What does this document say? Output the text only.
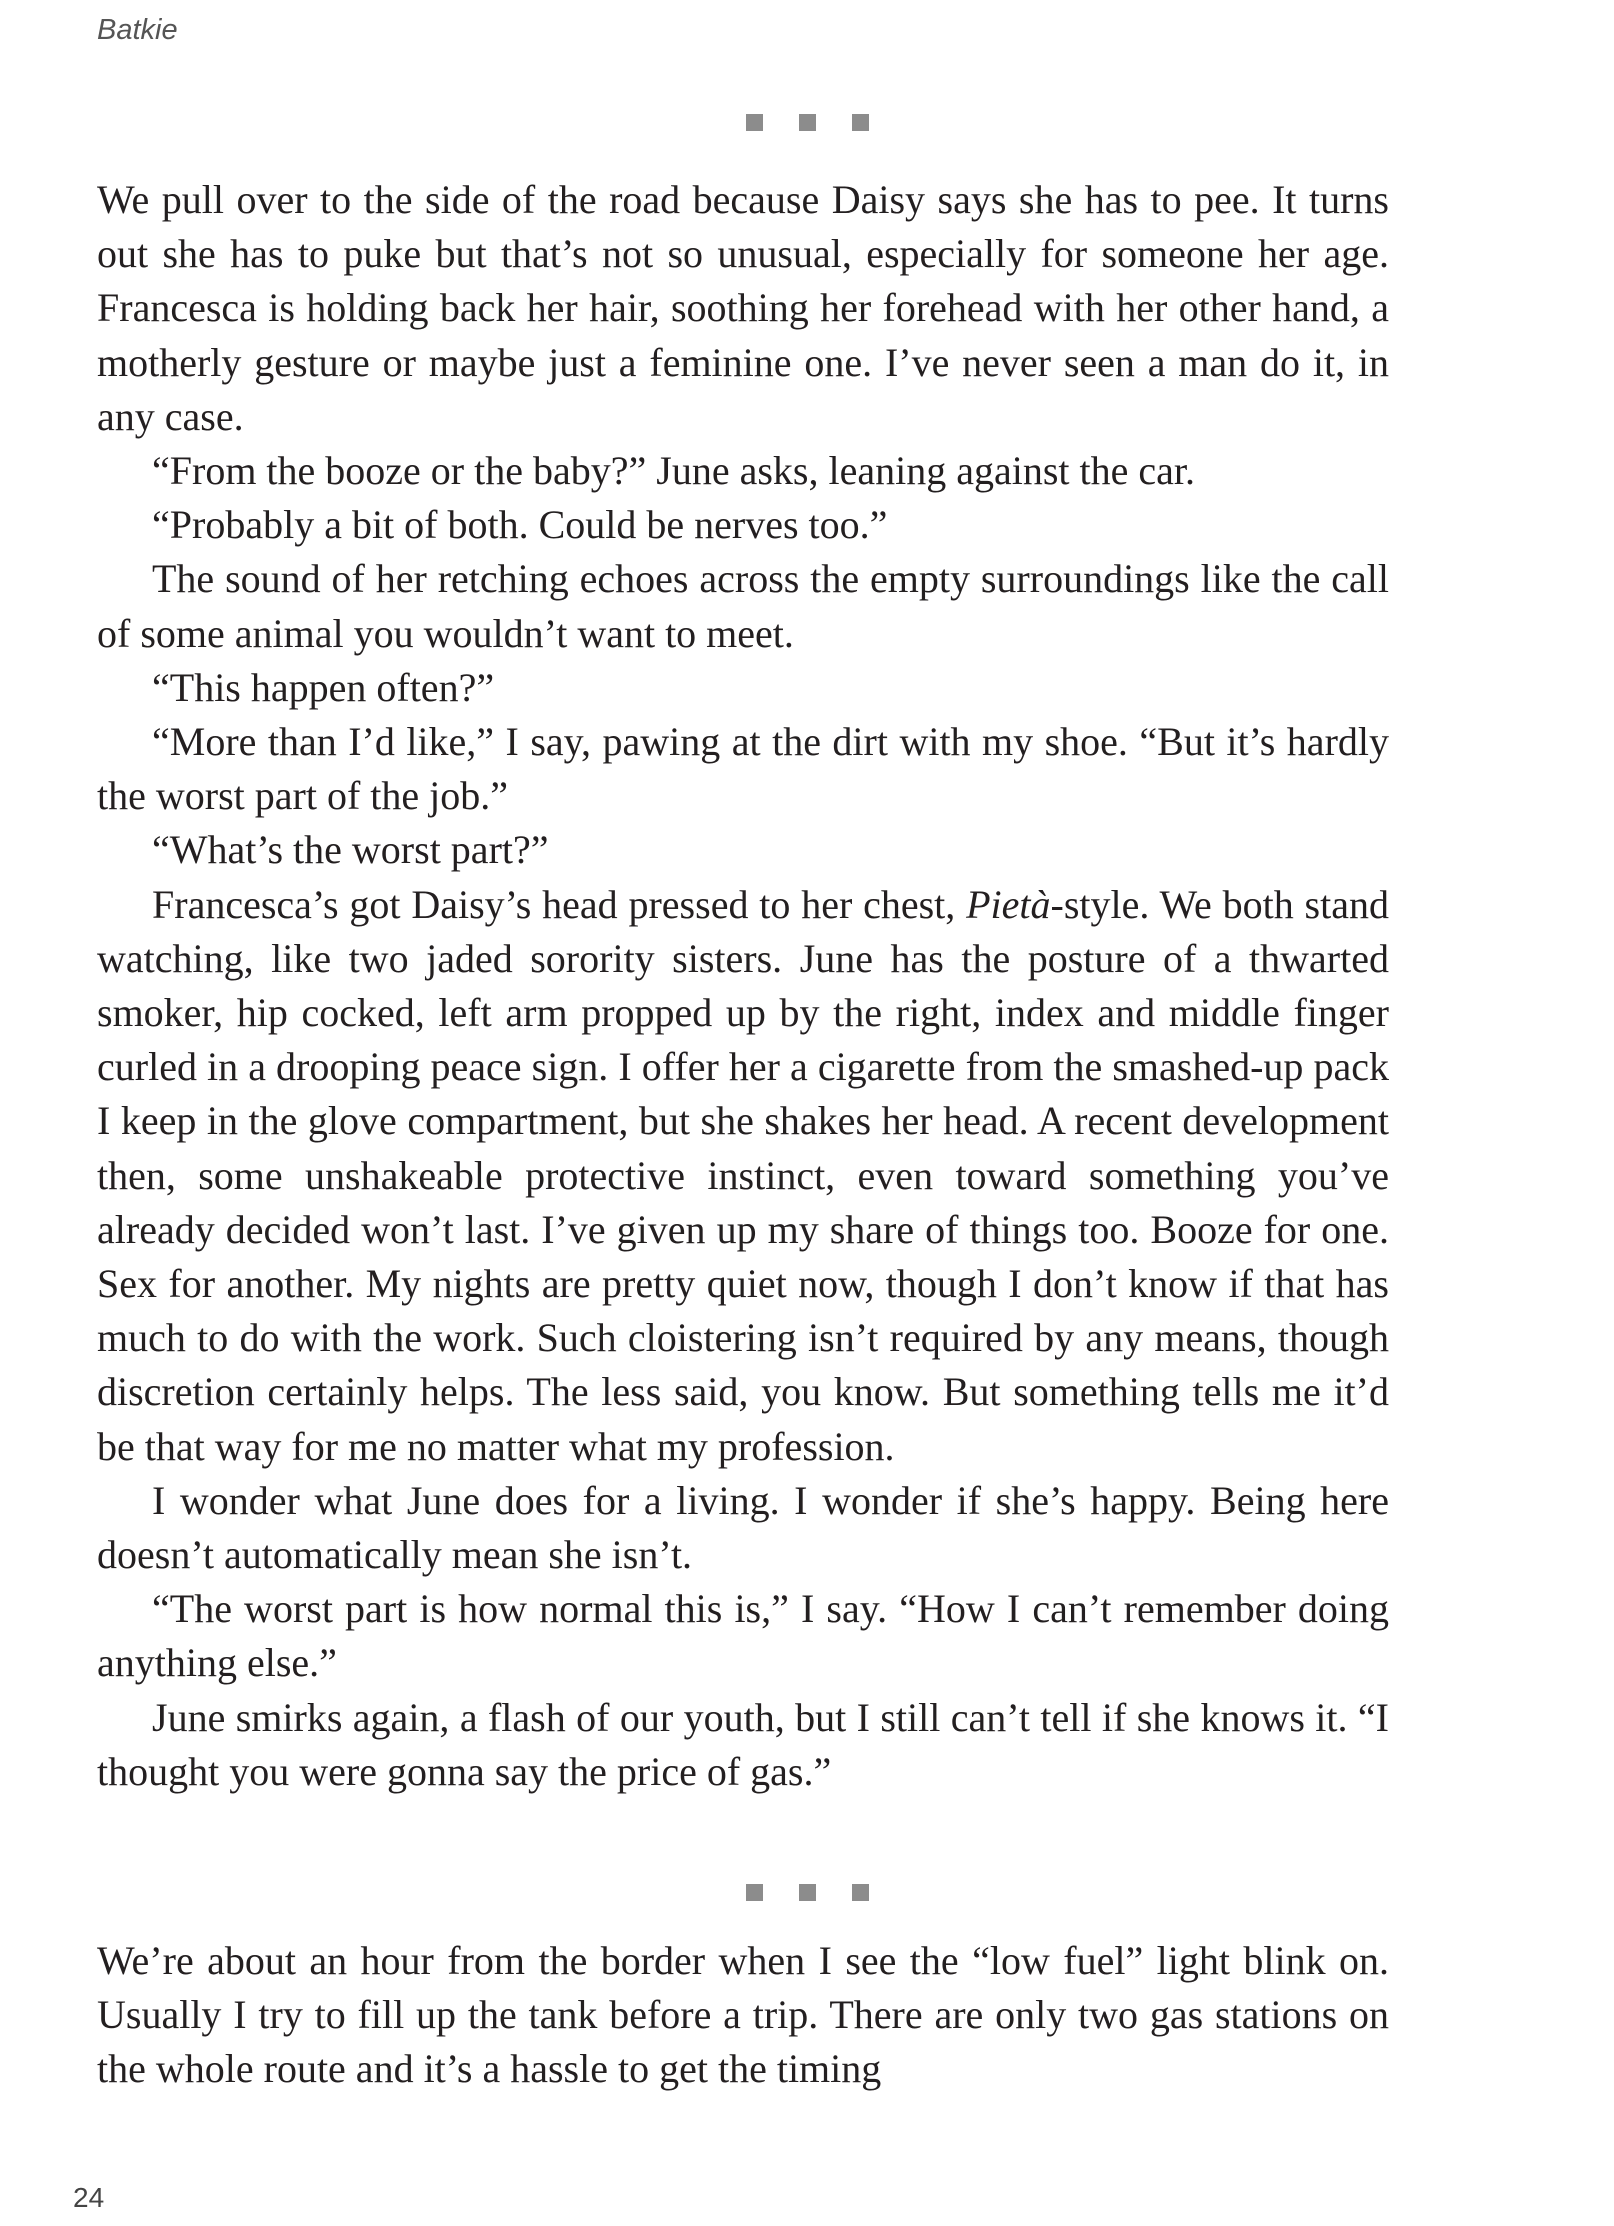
Batkie

We pull over to the side of the road because Daisy says she has to pee. It turns out she has to puke but that’s not so unusual, especially for someone her age. Francesca is holding back her hair, soothing her forehead with her other hand, a motherly gesture or maybe just a feminine one. I’ve never seen a man do it, in any case.

“From the booze or the baby?” June asks, leaning against the car.

“Probably a bit of both. Could be nerves too.”

The sound of her retching echoes across the empty surroundings like the call of some animal you wouldn’t want to meet.

“This happen often?”

“More than I’d like,” I say, pawing at the dirt with my shoe. “But it’s hardly the worst part of the job.”

“What’s the worst part?”

Francesca’s got Daisy’s head pressed to her chest, Pietà-style. We both stand watching, like two jaded sorority sisters. June has the posture of a thwarted smoker, hip cocked, left arm propped up by the right, index and middle finger curled in a drooping peace sign. I offer her a cigarette from the smashed-up pack I keep in the glove compartment, but she shakes her head. A recent development then, some unshakeable protective instinct, even toward something you’ve already decided won’t last. I’ve given up my share of things too. Booze for one. Sex for another. My nights are pretty quiet now, though I don’t know if that has much to do with the work. Such cloistering isn’t required by any means, though discretion certainly helps. The less said, you know. But something tells me it’d be that way for me no matter what my profession.

I wonder what June does for a living. I wonder if she’s happy. Being here doesn’t automatically mean she isn’t.

“The worst part is how normal this is,” I say. “How I can’t remember doing anything else.”

June smirks again, a flash of our youth, but I still can’t tell if she knows it. “I thought you were gonna say the price of gas.”

We’re about an hour from the border when I see the “low fuel” light blink on. Usually I try to fill up the tank before a trip. There are only two gas stations on the whole route and it’s a hassle to get the timing

24
